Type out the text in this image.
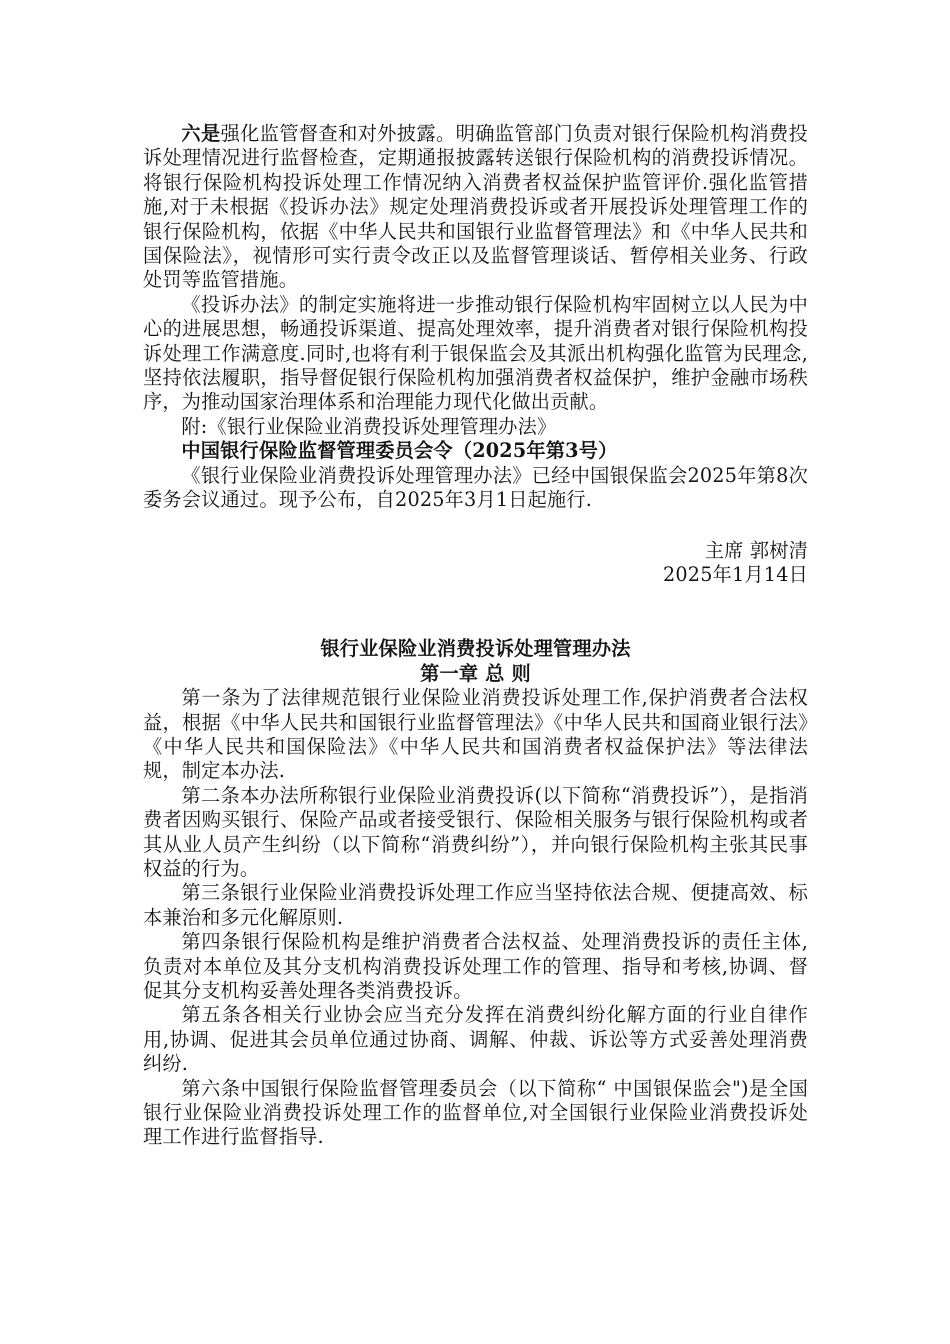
六是强化监管督查和对外披露。明确监管部门负责对银行保险机构消费投诉处理情况进行监督检查，定期通报披露转送银行保险机构的消费投诉情况。将银行保险机构投诉处理工作情况纳入消费者权益保护监管评价.强化监管措施,对于未根据《投诉办法》规定处理消费投诉或者开展投诉处理管理工作的银行保险机构，依据《中华人民共和国银行业监督管理法》和《中华人民共和国保险法》，视情形可实行责令改正以及监督管理谈话、暂停相关业务、行政处罚等监管措施。

《投诉办法》的制定实施将进一步推动银行保险机构牢固树立以人民为中心的进展思想，畅通投诉渠道、提高处理效率，提升消费者对银行保险机构投诉处理工作满意度.同时,也将有利于银保监会及其派出机构强化监管为民理念,坚持依法履职，指导督促银行保险机构加强消费者权益保护，维护金融市场秩序，为推动国家治理体系和治理能力现代化做出贡献。

附:《银行业保险业消费投诉处理管理办法》

中国银行保险监督管理委员会令（2025年第3号）

《银行业保险业消费投诉处理管理办法》已经中国银保监会2025年第8次委务会议通过。现予公布，自2025年3月1日起施行.

主席 郭树清

2025年1月14日

银行业保险业消费投诉处理管理办法

第一章 总 则

第一条为了法律规范银行业保险业消费投诉处理工作,保护消费者合法权益，根据《中华人民共和国银行业监督管理法》《中华人民共和国商业银行法》《中华人民共和国保险法》《中华人民共和国消费者权益保护法》等法律法规，制定本办法.

第二条本办法所称银行业保险业消费投诉(以下简称“消费投诉”），是指消费者因购买银行、保险产品或者接受银行、保险相关服务与银行保险机构或者其从业人员产生纠纷（以下简称“消费纠纷”），并向银行保险机构主张其民事权益的行为。

第三条银行业保险业消费投诉处理工作应当坚持依法合规、便捷高效、标本兼治和多元化解原则.

第四条银行保险机构是维护消费者合法权益、处理消费投诉的责任主体,负责对本单位及其分支机构消费投诉处理工作的管理、指导和考核,协调、督促其分支机构妥善处理各类消费投诉。

第五条各相关行业协会应当充分发挥在消费纠纷化解方面的行业自律作用,协调、促进其会员单位通过协商、调解、仲裁、诉讼等方式妥善处理消费纠纷.

第六条中国银行保险监督管理委员会（以下简称“ 中国银保监会")是全国银行业保险业消费投诉处理工作的监督单位,对全国银行业保险业消费投诉处理工作进行监督指导.
